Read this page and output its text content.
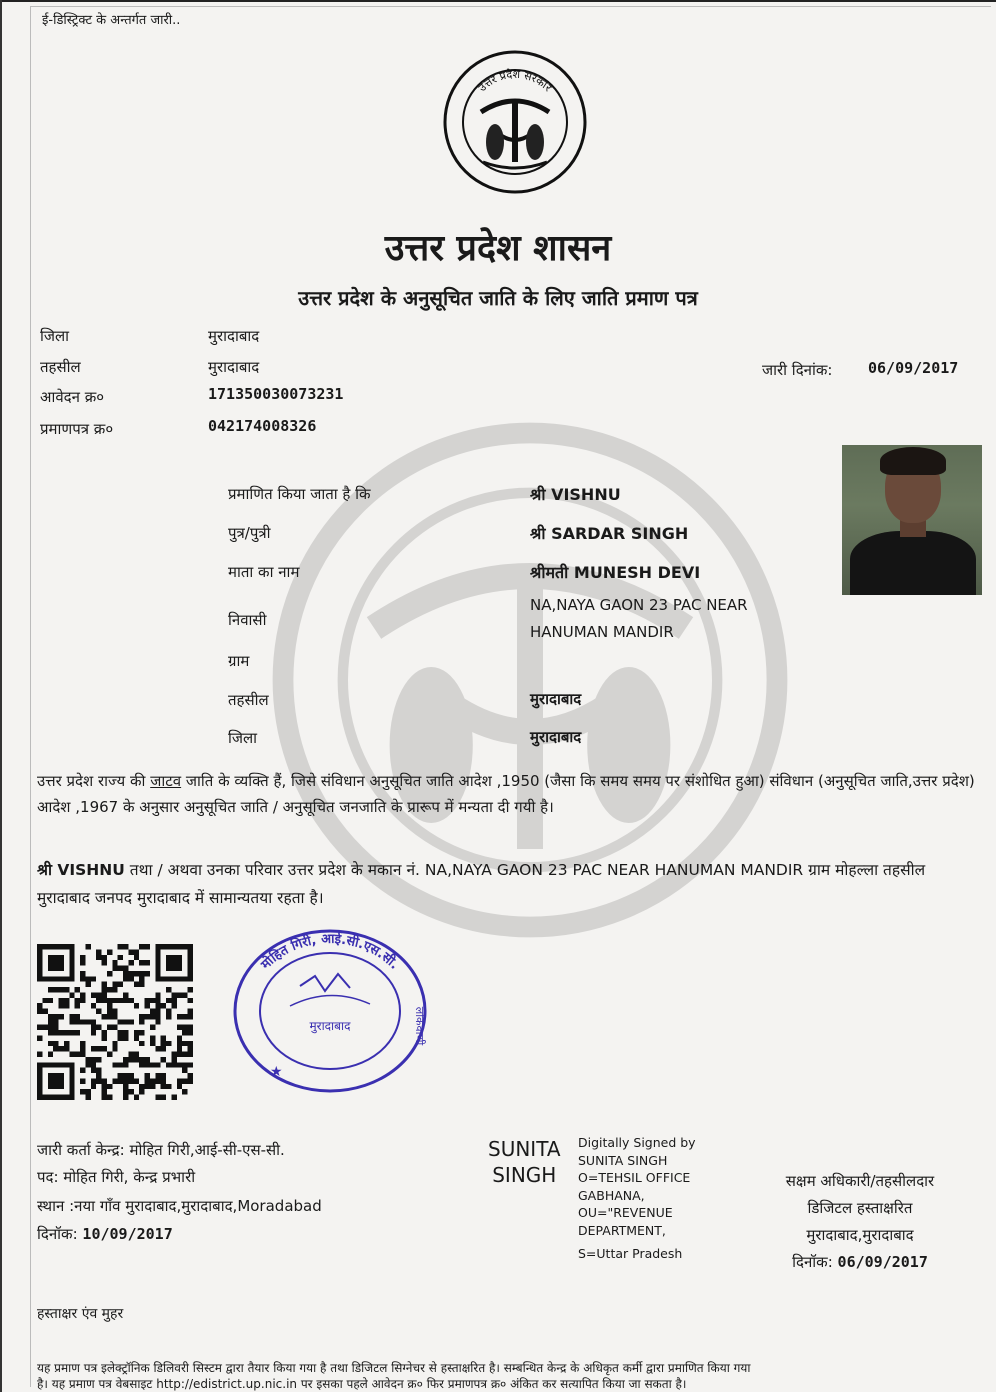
ई-डिस्ट्रिक्ट के अन्तर्गत जारी..
उत्तर प्रदेश सरकार
उत्तर प्रदेश शासन
उत्तर प्रदेश के अनुसूचित जाति के लिए जाति प्रमाण पत्र
जिला	मुरादाबाद
तहसील	मुरादाबाद
आवेदन क्र०	17135003007323​1
प्रमाणपत्र क्र०	042174008326
जारी दिनांक: 06/09/2017
प्रमाणित किया जाता है कि	श्री VISHNU
पुत्र/पुत्री	श्री SARDAR SINGH
माता का नाम	श्रीमती MUNESH DEVI
निवासी
NA,NAYA GAON 23 PAC NEAR
HANUMAN MANDIR
ग्राम
तहसील	मुरादाबाद
जिला	मुरादाबाद
उत्तर प्रदेश राज्य की जाटव जाति के व्यक्ति हैं, जिसे संविधान अनुसूचित जाति आदेश ,1950 (जैसा कि समय समय पर संशोधित हुआ) संविधान (अनुसूचित जाति,उत्तर प्रदेश) आदेश ,1967 के अनुसार अनुसूचित जाति / अनुसूचित जनजाति के प्रारूप में मन्यता दी गयी है।
श्री VISHNU तथा / अथवा उनका परिवार उत्तर प्रदेश के मकान नं. NA,NAYA GAON 23 PAC NEAR HANUMAN MANDIR ग्राम मोहल्ला तहसील मुरादाबाद जनपद मुरादाबाद में सामान्यतया रहता है।
मोहित गिरी, आई.सी.एस.सी.
लोकवाणी
मुरादाबाद
★
जारी कर्ता केन्द्र: मोहित गिरी,आई-सी-एस-सी.
पद: मोहित गिरी, केन्द्र प्रभारी
स्थान :नया गाँव मुरादाबाद,मुरादाबाद,Moradabad
दिनॉक: 10/09/2017
SUNITA
SINGH
Digitally Signed by
SUNITA SINGH
O=TEHSIL OFFICE
GABHANA,
OU="REVENUE
DEPARTMENT,
S=Uttar Pradesh
सक्षम अधिकारी/तहसीलदार
डिजिटल हस्ताक्षरित
मुरादाबाद,मुरादाबाद
दिनॉक: 06/09/2017
हस्ताक्षर एंव मुहर
यह प्रमाण पत्र इलेक्ट्रॉनिक डिलिवरी सिस्टम द्वारा तैयार किया गया है तथा डिजिटल सिग्नेचर से हस्ताक्षरित है। सम्बन्धित केन्द्र के अधिकृत कर्मी द्वारा प्रमाणित किया गया
है। यह प्रमाण पत्र वेबसाइट http://edistrict.up.nic.in पर इसका पहले आवेदन क्र० फिर प्रमाणपत्र क्र० अंकित कर सत्यापित किया जा सकता है।
